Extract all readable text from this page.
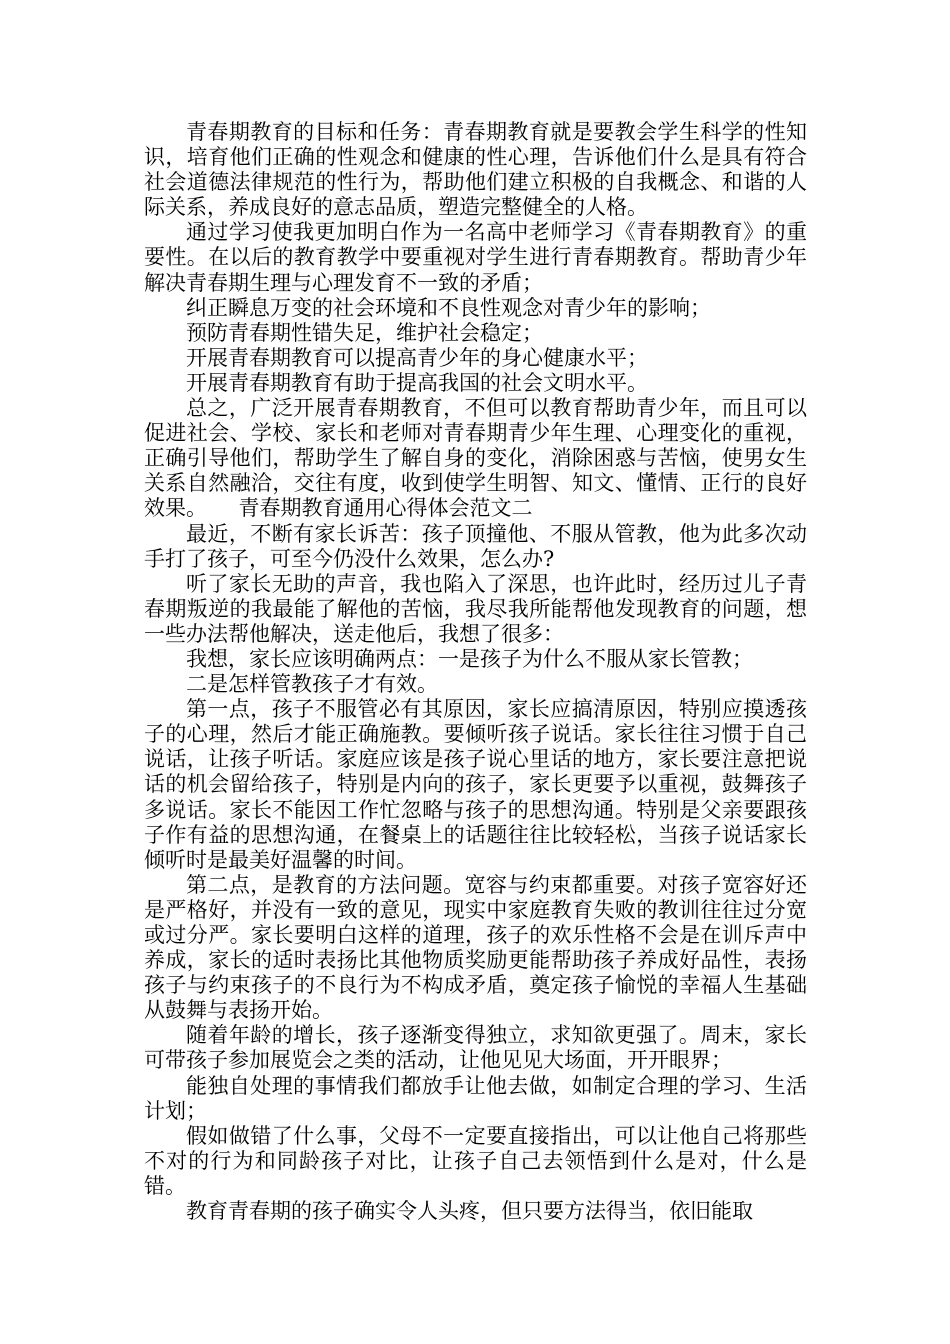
青春期教育的目标和任务：青春期教育就是要教会学生科学的性知识，培育他们正确的性观念和健康的性心理，告诉他们什么是具有符合社会道德法律规范的性行为，帮助他们建立积极的自我概念、和谐的人际关系，养成良好的意志品质，塑造完整健全的人格。

通过学习使我更加明白作为一名高中老师学习《青春期教育》的重要性。在以后的教育教学中要重视对学生进行青春期教育。帮助青少年解决青春期生理与心理发育不一致的矛盾；

纠正瞬息万变的社会环境和不良性观念对青少年的影响；

预防青春期性错失足，维护社会稳定；

开展青春期教育可以提高青少年的身心健康水平；

开展青春期教育有助于提高我国的社会文明水平。

总之，广泛开展青春期教育，不但可以教育帮助青少年，而且可以促进社会、学校、家长和老师对青春期青少年生理、心理变化的重视，正确引导他们，帮助学生了解自身的变化，消除困惑与苦恼，使男女生关系自然融洽，交往有度，收到使学生明智、知文、懂情、正行的良好效果。　　青春期教育通用心得体会范文二

最近，不断有家长诉苦：孩子顶撞他、不服从管教，他为此多次动手打了孩子，可至今仍没什么效果，怎么办?

听了家长无助的声音，我也陷入了深思，也许此时，经历过儿子青春期叛逆的我最能了解他的苦恼，我尽我所能帮他发现教育的问题，想一些办法帮他解决，送走他后，我想了很多：

我想，家长应该明确两点：一是孩子为什么不服从家长管教；

二是怎样管教孩子才有效。

第一点，孩子不服管必有其原因，家长应搞清原因，特别应摸透孩子的心理，然后才能正确施教。要倾听孩子说话。家长往往习惯于自己说话，让孩子听话。家庭应该是孩子说心里话的地方，家长要注意把说话的机会留给孩子，特别是内向的孩子，家长更要予以重视，鼓舞孩子多说话。家长不能因工作忙忽略与孩子的思想沟通。特别是父亲要跟孩子作有益的思想沟通，在餐桌上的话题往往比较轻松，当孩子说话家长倾听时是最美好温馨的时间。

第二点，是教育的方法问题。宽容与约束都重要。对孩子宽容好还是严格好，并没有一致的意见，现实中家庭教育失败的教训往往过分宽或过分严。家长要明白这样的道理，孩子的欢乐性格不会是在训斥声中养成，家长的适时表扬比其他物质奖励更能帮助孩子养成好品性，表扬孩子与约束孩子的不良行为不构成矛盾，奠定孩子愉悦的幸福人生基础从鼓舞与表扬开始。

随着年龄的增长，孩子逐渐变得独立，求知欲更强了。周末，家长可带孩子参加展览会之类的活动，让他见见大场面，开开眼界；

能独自处理的事情我们都放手让他去做，如制定合理的学习、生活计划；

假如做错了什么事，父母不一定要直接指出，可以让他自己将那些不对的行为和同龄孩子对比，让孩子自己去领悟到什么是对，什么是错。

教育青春期的孩子确实令人头疼，但只要方法得当，依旧能取
